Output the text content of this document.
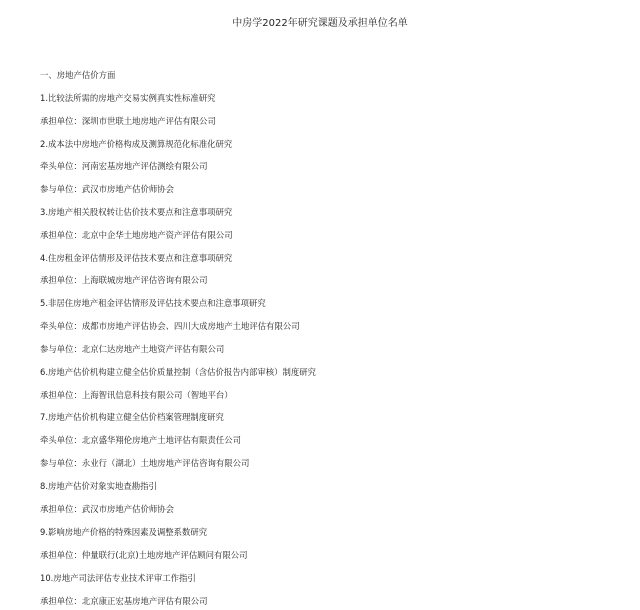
中房学2022年研究课题及承担单位名单
一、房地产估价方面
1.比较法所需的房地产交易实例真实性标准研究
承担单位：深圳市世联土地房地产评估有限公司
2.成本法中房地产价格构成及测算规范化标准化研究
牵头单位：河南宏基房地产评估测绘有限公司
参与单位：武汉市房地产估价师协会
3.房地产相关股权转让估价技术要点和注意事项研究
承担单位：北京中企华土地房地产资产评估有限公司
4.住房租金评估情形及评估技术要点和注意事项研究
承担单位：上海联城房地产评估咨询有限公司
5.非居住房地产租金评估情形及评估技术要点和注意事项研究
牵头单位：成都市房地产评估协会、四川大成房地产土地评估有限公司
参与单位：北京仁达房地产土地资产评估有限公司
6.房地产估价机构建立健全估价质量控制（含估价报告内部审核）制度研究
承担单位：上海智讯信息科技有限公司（智地平台）
7.房地产估价机构建立健全估价档案管理制度研究
牵头单位：北京盛华翔伦房地产土地评估有限责任公司
参与单位：永业行（湖北）土地房地产评估咨询有限公司
8.房地产估价对象实地查勘指引
承担单位：武汉市房地产估价师协会
9.影响房地产价格的特殊因素及调整系数研究
承担单位：仲量联行(北京)土地房地产评估顾问有限公司
10.房地产司法评估专业技术评审工作指引
承担单位：北京康正宏基房地产评估有限公司
